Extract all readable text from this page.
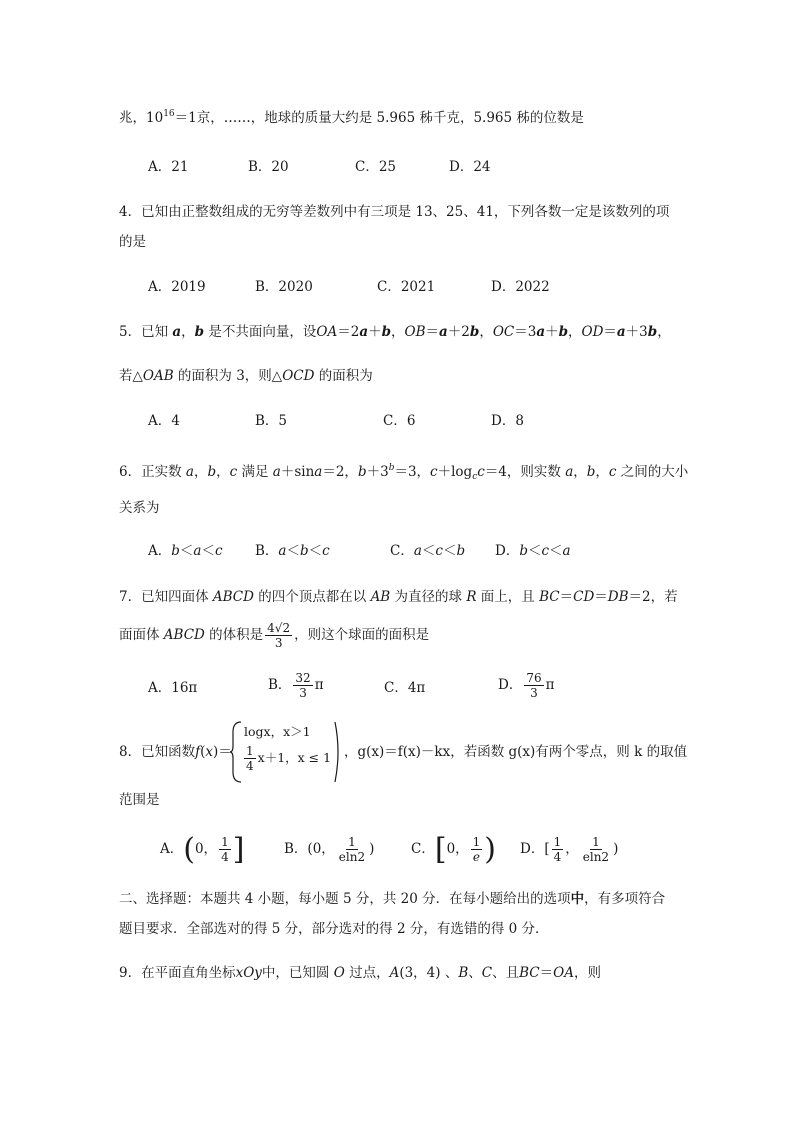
兆，$10^{16}=1$京，……，地球的质量大约是 5.965 秭千克，5.965 秭的位数是
A．21	B．20	C．25	D．24
4．已知由正整数组成的无穷等差数列中有三项是 13、25、41，下列各数一定是该数列的项
的是
A．2019	B．2020	C．2021	D．2022
5．已知 a，b 是不共面向量，设OA＝2a＋b，OB＝a＋2b，OC＝3a＋b，OD＝a＋3b，
若△OAB 的面积为 3，则△OCD 的面积为
A．4	B．5	C．6	D．8
6．正实数 a，b，c 满足 a＋sina＝2，$b+3^b=3$，$c+\log_cc=4$，则实数 a，b，c 之间的大小
关系为
A．b＜a＜c B．a＜b＜c	C．a＜c＜b D．b＜c＜a
7．已知四面体 ABCD 的四个顶点都在以 AB 为直径的球 R 面上，且 BC＝CD＝DB＝2，若
面面体 ABCD 的体积是 $\frac{4√2}{3}$ ，则这个球面的面积是
A．16π	B． $\frac{32}{3}$ π	C．4π	D． $\frac{76}{3}$ π
8．已知函数f(x)＝
logx，x＞1
$\frac{1}{4} x+1$，x ≤ 1 ，g(x)＝f(x)－kx，若函数 g(x)有两个零点，则 k 的取值
范围是
A．(0， $\frac{1}{4}$ ]	B．(0， $\frac{1}{eln2}$ )	C．[0， $\frac{1}{e}$ ) D．[ $\frac{1}{4}$ ， $\frac{1}{eln2}$ )
二、选择题：本题共 4 小题，每小题 5 分，共 20 分．在每小题给出的选项中，有多项符合
题目要求．全部选对的得 5 分，部分选对的得 2 分，有选错的得 0 分．
9．在平面直角坐标xOy中，已知圆 O 过点，A(3，4) 、B、C、且BC＝OA，则
